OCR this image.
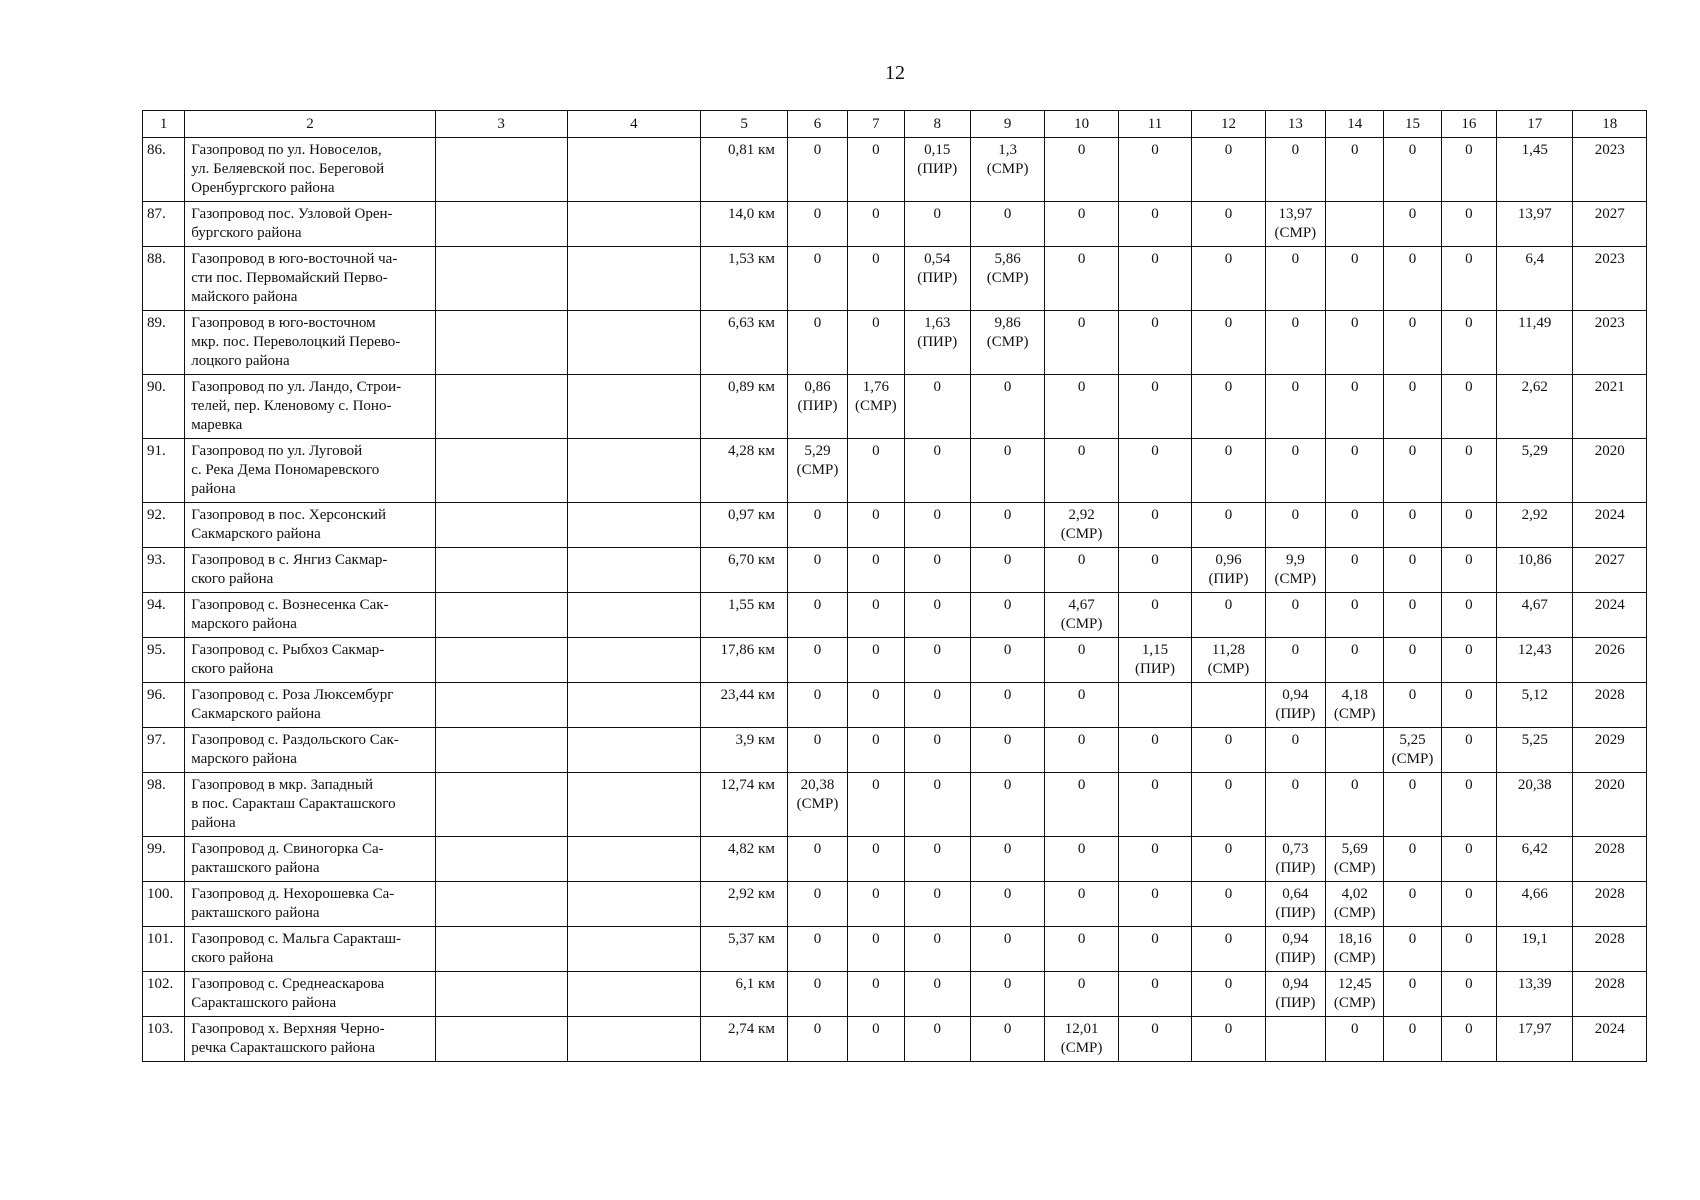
12
1	2	3	4	5	6	7	8	9	10	11	12	13	14	15	16	17	18
86.	Газопровод по ул. Новоселов,
ул. Беляевской пос. Береговой
Оренбургского района			0,81 км	0	0	0,15
(ПИР)	1,3
(СМР)	0	0	0	0	0	0	0	1,45	2023
87.	Газопровод пос. Узловой Орен-
бургского района			14,0 км	0	0	0	0	0	0	0	13,97
(СМР)		0	0	13,97	2027
88.	Газопровод в юго-восточной ча-
сти пос. Первомайский Перво-
майского района			1,53 км	0	0	0,54
(ПИР)	5,86
(СМР)	0	0	0	0	0	0	0	6,4	2023
89.	Газопровод в юго-восточном
мкр. пос. Переволоцкий Перево-
лоцкого района			6,63 км	0	0	1,63
(ПИР)	9,86
(СМР)	0	0	0	0	0	0	0	11,49	2023
90.	Газопровод по ул. Ландо, Строи-
телей, пер. Кленовому с. Поно-
маревка			0,89 км	0,86
(ПИР)	1,76
(СМР)	0	0	0	0	0	0	0	0	0	2,62	2021
91.	Газопровод по ул. Луговой
с. Река Дема Пономаревского
района			4,28 км	5,29
(СМР)	0	0	0	0	0	0	0	0	0	0	5,29	2020
92.	Газопровод в пос. Херсонский
Сакмарского района			0,97 км	0	0	0	0	2,92
(СМР)	0	0	0	0	0	0	2,92	2024
93.	Газопровод в с. Янгиз Сакмар-
ского района			6,70 км	0	0	0	0	0	0	0,96
(ПИР)	9,9
(СМР)	0	0	0	10,86	2027
94.	Газопровод с. Вознесенка Сак-
марского района			1,55 км	0	0	0	0	4,67
(СМР)	0	0	0	0	0	0	4,67	2024
95.	Газопровод с. Рыбхоз Сакмар-
ского района			17,86 км	0	0	0	0	0	1,15
(ПИР)	11,28
(СМР)	0	0	0	0	12,43	2026
96.	Газопровод с. Роза Люксембург
Сакмарского района			23,44 км	0	0	0	0	0			0,94
(ПИР)	4,18
(СМР)	0	0	5,12	2028
97.	Газопровод с. Раздольского Сак-
марского района			3,9 км	0	0	0	0	0	0	0	0		5,25
(СМР)	0	5,25	2029
98.	Газопровод в мкр. Западный
в пос. Саракташ Саракташского
района			12,74 км	20,38
(СМР)	0	0	0	0	0	0	0	0	0	0	20,38	2020
99.	Газопровод д. Свиногорка Са-
ракташского района			4,82 км	0	0	0	0	0	0	0	0,73
(ПИР)	5,69
(СМР)	0	0	6,42	2028
100.	Газопровод д. Нехорошевка Са-
ракташского района			2,92 км	0	0	0	0	0	0	0	0,64
(ПИР)	4,02
(СМР)	0	0	4,66	2028
101.	Газопровод с. Мальга Саракташ-
ского района			5,37 км	0	0	0	0	0	0	0	0,94
(ПИР)	18,16
(СМР)	0	0	19,1	2028
102.	Газопровод с. Среднеаскарова
Саракташского района			6,1 км	0	0	0	0	0	0	0	0,94
(ПИР)	12,45
(СМР)	0	0	13,39	2028
103.	Газопровод х. Верхняя Черно-
речка Саракташского района			2,74 км	0	0	0	0	12,01
(СМР)	0	0		0	0	0	17,97	2024
